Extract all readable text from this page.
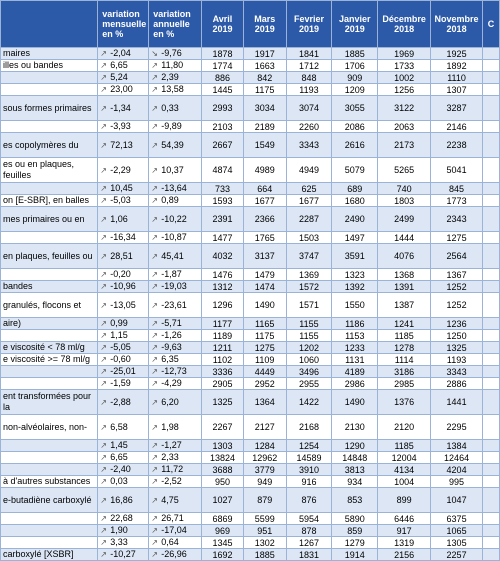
	variation mensuelle en %	variation annuelle en %	Avril 2019	Mars 2019	Fevrier 2019	Janvier 2019	Décembre 2018	Novembre 2018	C
maires	↗ -2,04	↘ -9,76	1878	1917	1841	1885	1969	1925	
illes ou bandes	↗ 6,65	↗ 11,80	1774	1663	1712	1706	1733	1892	
	↗ 5,24	↗ 2,39	886	842	848	909	1002	1110	
	↗ 23,00	↗ 13,58	1445	1175	1193	1209	1256	1307	
sous formes primaires	↗ -1,34	↗ 0,33	2993	3034	3074	3055	3122	3287	
	↗ -3,93	↗ -9,89	2103	2189	2260	2086	2063	2146	
es copolymères du	↗ 72,13	↗ 54,39	2667	1549	3343	2616	2173	2238	
es ou en plaques, feuilles	↗ -2,29	↗ 10,37	4874	4989	4949	5079	5265	5041	
	↗ 10,45	↗ -13,64	733	664	625	689	740	845	
on [E-SBR], en balles	↗ -5,03	↗ 0,89	1593	1677	1677	1680	1803	1773	
mes primaires ou en	↗ 1,06	↗ -10,22	2391	2366	2287	2490	2499	2343	
	↗ -16,34	↗ -10,87	1477	1765	1503	1497	1444	1275	
en plaques, feuilles ou	↗ 28,51	↗ 45,41	4032	3137	3747	3591	4076	2564	
	↗ -0,20	↗ -1,87	1476	1479	1369	1323	1368	1367	
bandes	↗ -10,96	↗ -19,03	1312	1474	1572	1392	1391	1252	
granulés, flocons et	↗ -13,05	↗ -23,61	1296	1490	1571	1550	1387	1252	
aire)	↗ 0,99	↗ -5,71	1177	1165	1155	1186	1241	1236	
	↗ 1,15	↗ -1,26	1189	1175	1155	1153	1185	1250	
e viscosité < 78 ml/g	↗ -5,05	↗ -9,63	1211	1275	1202	1233	1278	1325	
e viscosité >= 78 ml/g	↗ -0,60	↗ 6,35	1102	1109	1060	1131	1114	1193	
	↗ -25,01	↗ -12,73	3336	4449	3496	4189	3186	3343	
	↗ -1,59	↗ -4,29	2905	2952	2955	2986	2985	2886	
ent transformées pour la	↗ -2,88	↗ 6,20	1325	1364	1422	1490	1376	1441	
non-alvéolaires, non-	↗ 6,58	↗ 1,98	2267	2127	2168	2130	2120	2295	
	↗ 1,45	↗ -1,27	1303	1284	1254	1290	1185	1384	
	↗ 6,65	↗ 2,33	13824	12962	14589	14848	12004	12464	
	↗ -2,40	↗ 11,72	3688	3779	3910	3813	4134	4204	
à d'autres substances	↗ 0,03	↗ -2,52	950	949	916	934	1004	995	
e-butadiène carboxylé	↗ 16,86	↗ 4,75	1027	879	876	853	899	1047	
	↗ 22,68	↗ 26,71	6869	5599	5954	5890	6446	6375	
	↗ 1,90	↗ -17,04	969	951	878	859	917	1065	
	↗ 3,33	↗ 0,64	1345	1302	1267	1279	1319	1305	
carboxylé [XSBR]	↗ -10,27	↗ -26,96	1692	1885	1831	1914	2156	2257	
